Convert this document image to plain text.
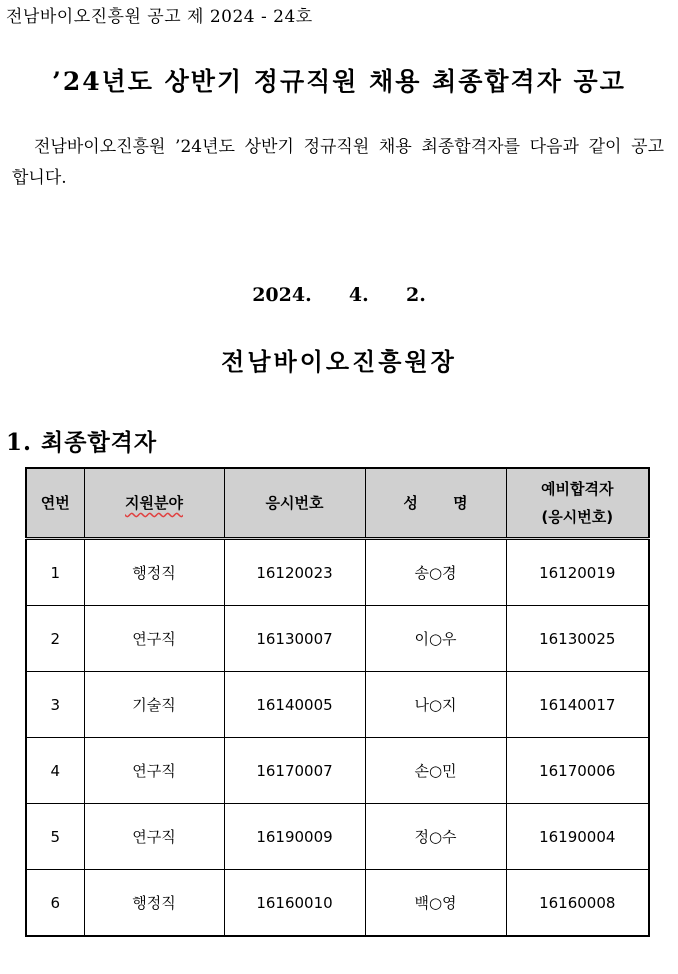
전남바이오진흥원 공고 제 2024 - 24호
’24년도 상반기 정규직원 채용 최종합격자 공고
전남바이오진흥원 ’24년도 상반기 정규직원 채용 최종합격자를 다음과 같이 공고합니다.
2024.  4.  2.
전남바이오진흥원장
1. 최종합격자
연번	지원분야	응시번호	성 명	예비합격자
(응시번호)

1	행정직	16120023	송○경	16120019
2	연구직	16130007	이○우	16130025
3	기술직	16140005	나○지	16140017
4	연구직	16170007	손○민	16170006
5	연구직	16190009	정○수	16190004
6	행정직	16160010	백○영	16160008
